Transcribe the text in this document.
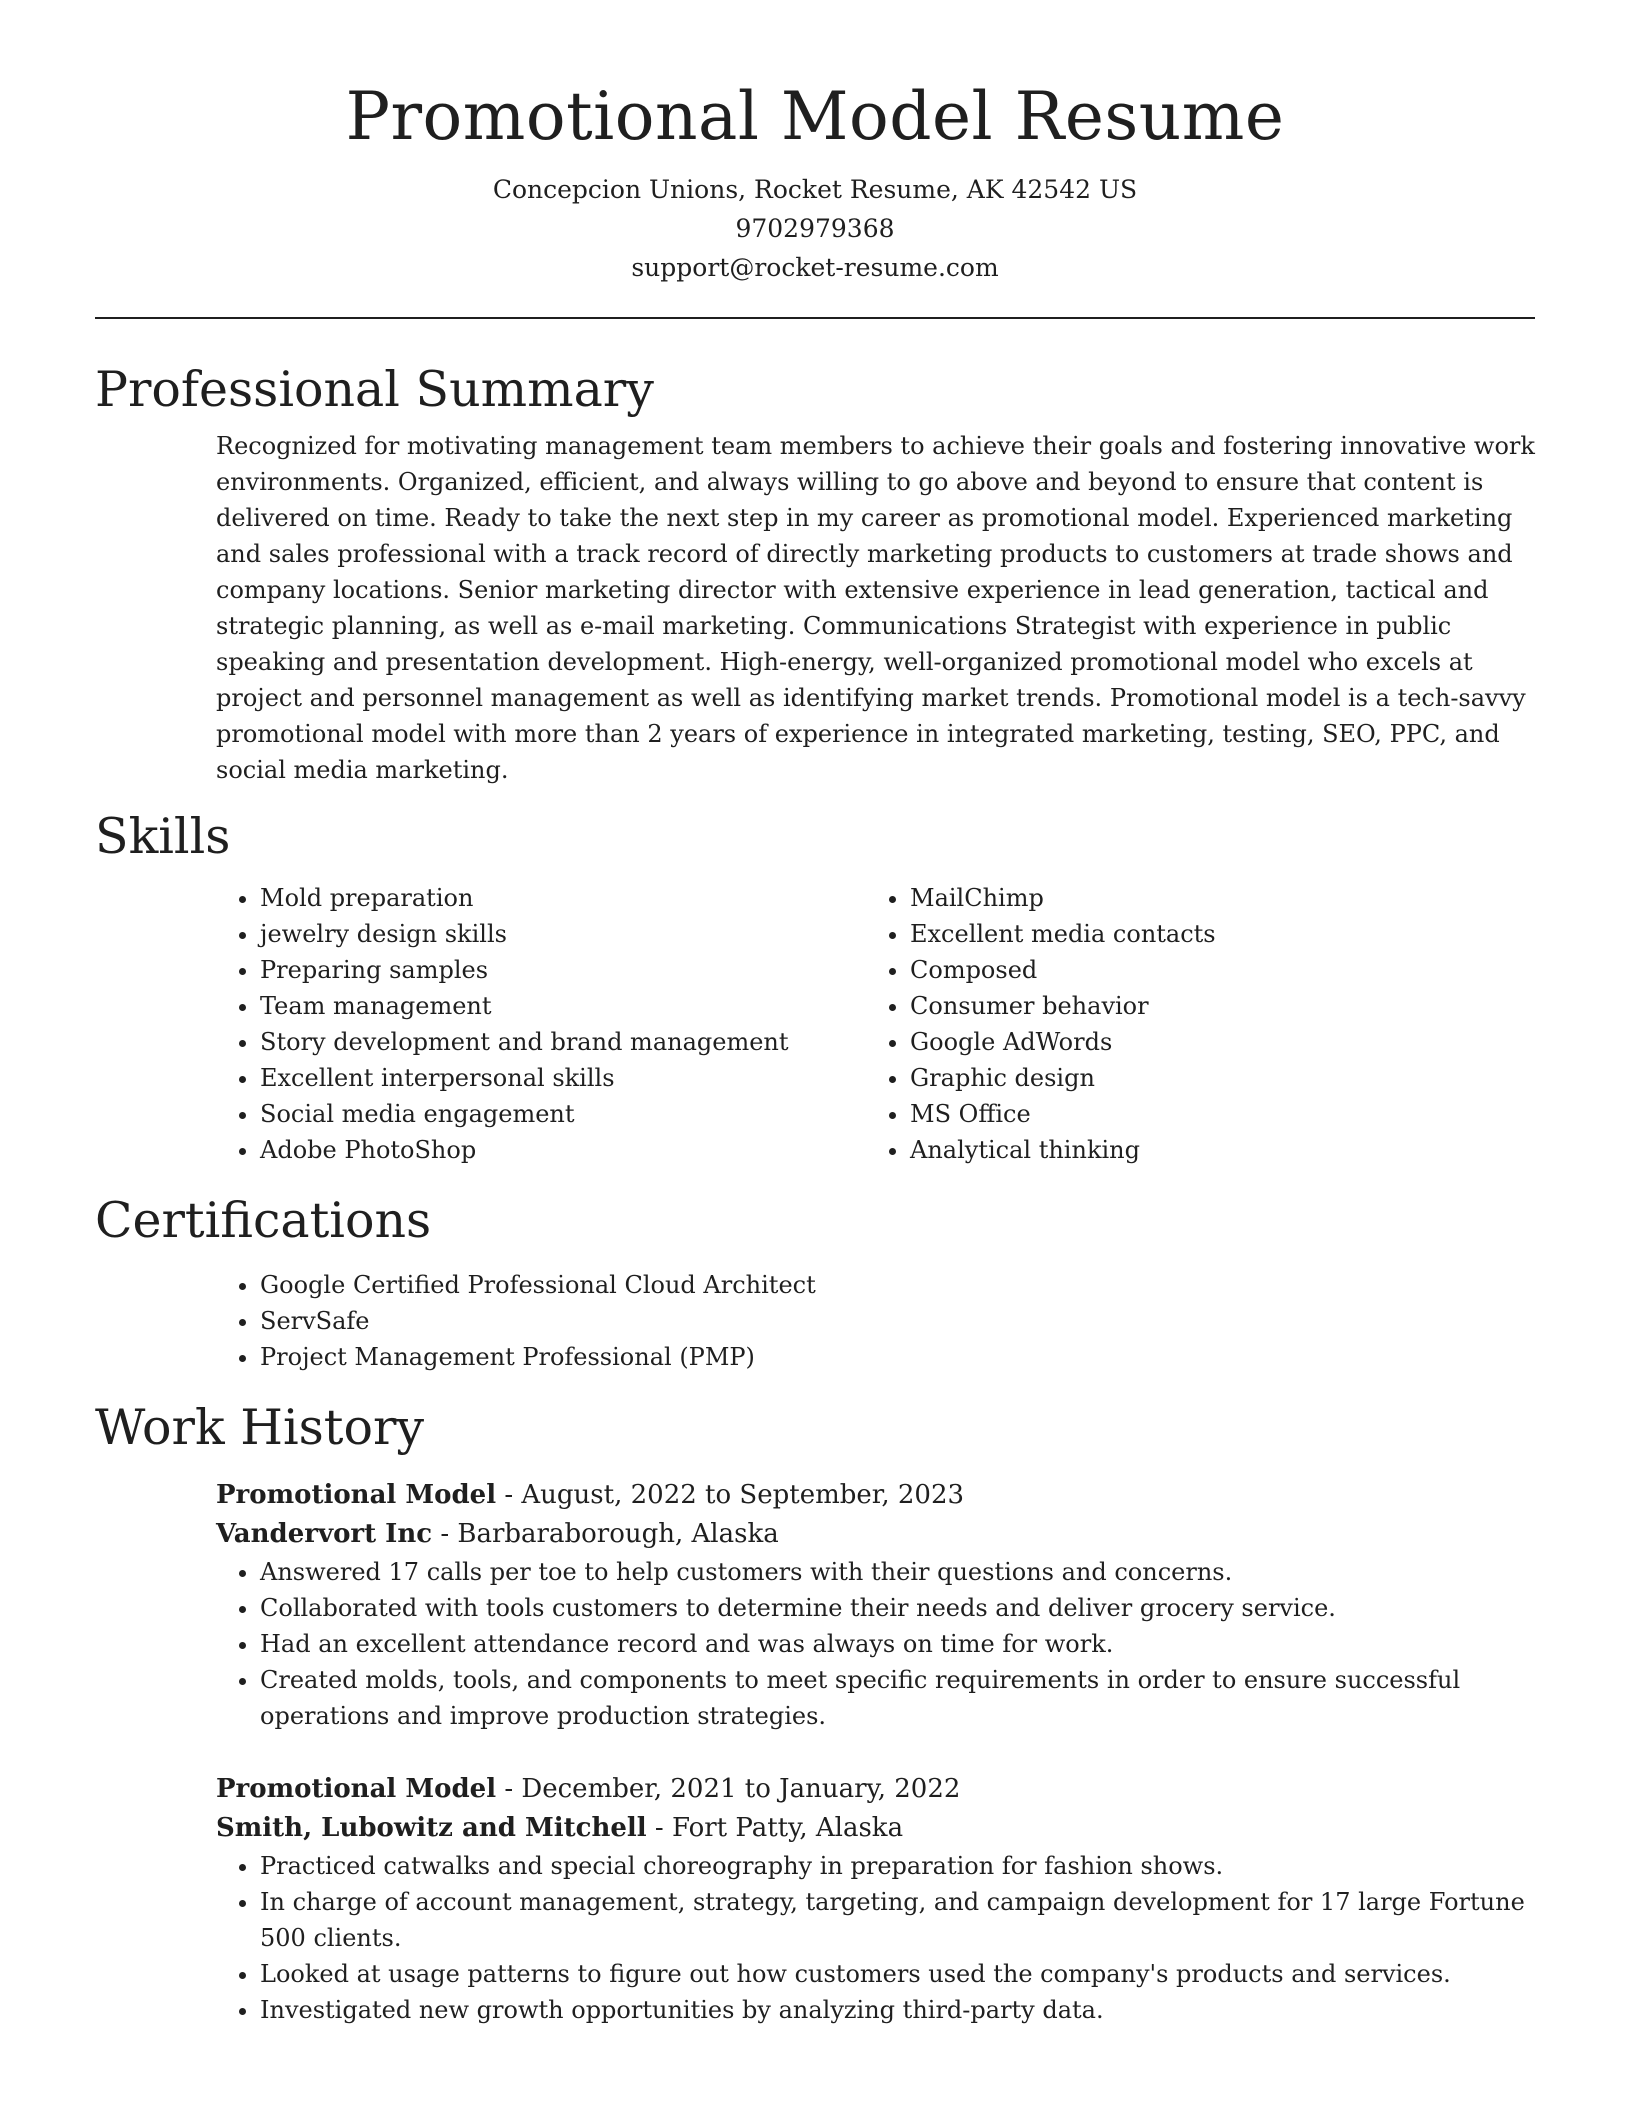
Promotional Model Resume
Concepcion Unions, Rocket Resume, AK 42542 US
9702979368
support@rocket-resume.com
Professional Summary
Recognized for motivating management team members to achieve their goals and fostering innovative work environments. Organized, efficient, and always willing to go above and beyond to ensure that content is delivered on time. Ready to take the next step in my career as promotional model. Experienced marketing and sales professional with a track record of directly marketing products to customers at trade shows and company locations. Senior marketing director with extensive experience in lead generation, tactical and strategic planning, as well as e-mail marketing. Communications Strategist with experience in public speaking and presentation development. High-energy, well-organized promotional model who excels at project and personnel management as well as identifying market trends. Promotional model is a tech-savvy promotional model with more than 2 years of experience in integrated marketing, testing, SEO, PPC, and social media marketing.
Skills
• Mold preparation
• jewelry design skills
• Preparing samples
• Team management
• Story development and brand management
• Excellent interpersonal skills
• Social media engagement
• Adobe PhotoShop
• MailChimp
• Excellent media contacts
• Composed
• Consumer behavior
• Google AdWords
• Graphic design
• MS Office
• Analytical thinking
Certifications
• Google Certified Professional Cloud Architect
• ServSafe
• Project Management Professional (PMP)
Work History
Promotional Model - August, 2022 to September, 2023
Vandervort Inc - Barbaraborough, Alaska
• Answered 17 calls per toe to help customers with their questions and concerns.
• Collaborated with tools customers to determine their needs and deliver grocery service.
• Had an excellent attendance record and was always on time for work.
• Created molds, tools, and components to meet specific requirements in order to ensure successful operations and improve production strategies.
Promotional Model - December, 2021 to January, 2022
Smith, Lubowitz and Mitchell - Fort Patty, Alaska
• Practiced catwalks and special choreography in preparation for fashion shows.
• In charge of account management, strategy, targeting, and campaign development for 17 large Fortune 500 clients.
• Looked at usage patterns to figure out how customers used the company's products and services.
• Investigated new growth opportunities by analyzing third-party data.
